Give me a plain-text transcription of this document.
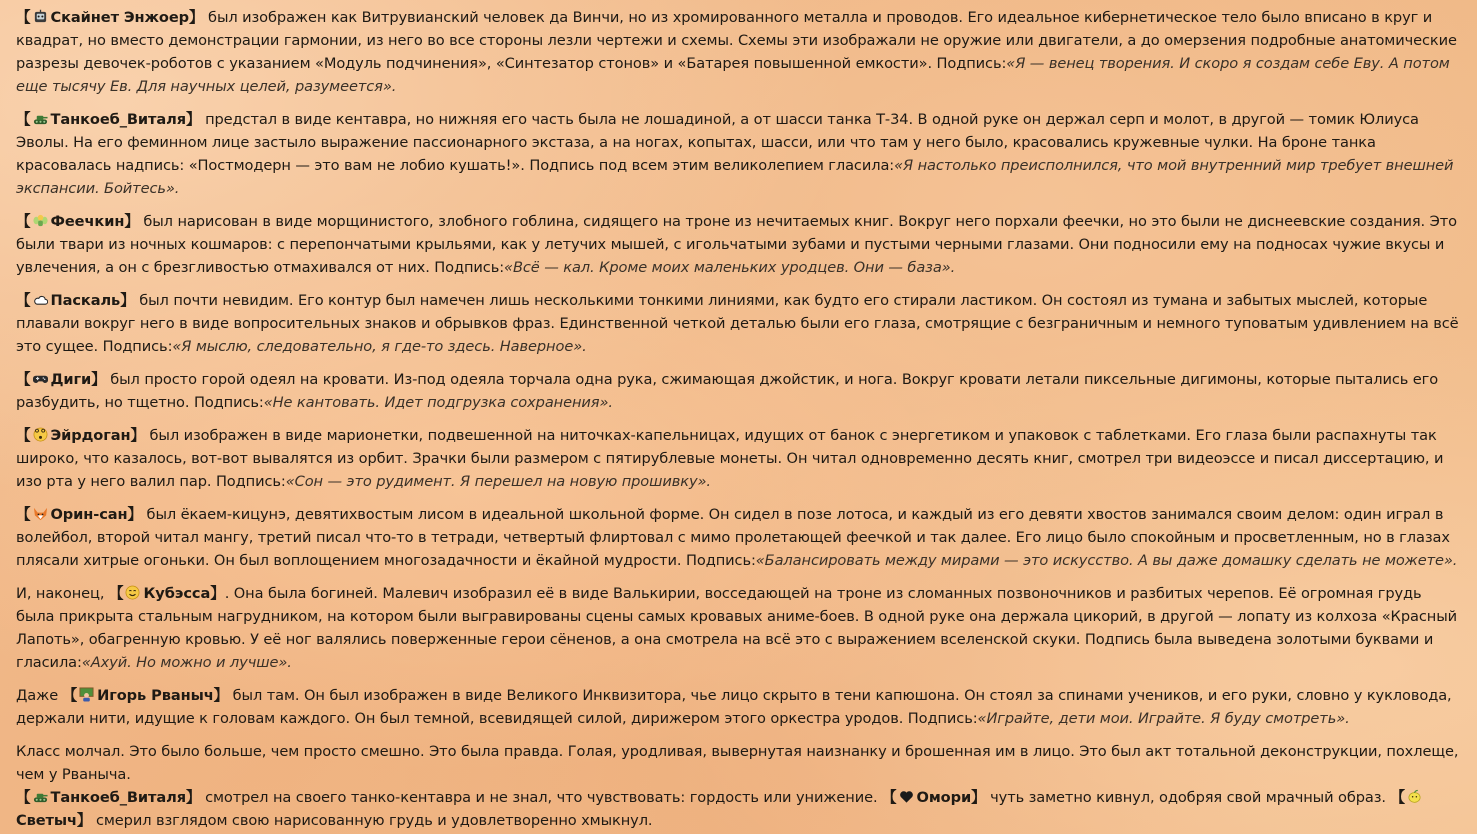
【 Скайнет Энжоер】 был изображен как Витрувианский человек да Винчи, но из хромированного металла и проводов. Его идеальное кибернетическое тело было вписано в круг и квадрат, но вместо демонстрации гармонии, из него во все стороны лезли чертежи и схемы. Схемы эти изображали не оружие или двигатели, а до омерзения подробные анатомические разрезы девочек-роботов с указанием «Модуль подчинения», «Синтезатор стонов» и «Батарея повышенной емкости». Подпись:«Я — венец творения. И скоро я создам себе Еву. А потом еще тысячу Ев. Для научных целей, разумеется».

【 Танкоеб_Виталя】 предстал в виде кентавра, но нижняя его часть была не лошадиной, а от шасси танка Т-34. В одной руке он держал серп и молот, в другой — томик Юлиуса Эволы. На его феминном лице застыло выражение пассионарного экстаза, а на ногах, копытах, шасси, или что там у него было, красовались кружевные чулки. На броне танка красовалась надпись: «Постмодерн — это вам не лобио кушать!». Подпись под всем этим великолепием гласила:«Я настолько преисполнился, что мой внутренний мир требует внешней экспансии. Бойтесь».

【 Феечкин】 был нарисован в виде морщинистого, злобного гоблина, сидящего на троне из нечитаемых книг. Вокруг него порхали феечки, но это были не диснеевские создания. Это были твари из ночных кошмаров: с перепончатыми крыльями, как у летучих мышей, с игольчатыми зубами и пустыми черными глазами. Они подносили ему на подносах чужие вкусы и увлечения, а он с брезгливостью отмахивался от них. Подпись:«Всё — кал. Кроме моих маленьких уродцев. Они — база».

【 Паскаль】 был почти невидим. Его контур был намечен лишь несколькими тонкими линиями, как будто его стирали ластиком. Он состоял из тумана и забытых мыслей, которые плавали вокруг него в виде вопросительных знаков и обрывков фраз. Единственной четкой деталью были его глаза, смотрящие с безграничным и немного туповатым удивлением на всё это сущее. Подпись:«Я мыслю, следовательно, я где-то здесь. Наверное».

【 Диги】 был просто горой одеял на кровати. Из-под одеяла торчала одна рука, сжимающая джойстик, и нога. Вокруг кровати летали пиксельные дигимоны, которые пытались его разбудить, но тщетно. Подпись:«Не кантовать. Идет подгрузка сохранения».

【 Эйрдоган】 был изображен в виде марионетки, подвешенной на ниточках-капельницах, идущих от банок с энергетиком и упаковок с таблетками. Его глаза были распахнуты так широко, что казалось, вот-вот вывалятся из орбит. Зрачки были размером с пятирублевые монеты. Он читал одновременно десять книг, смотрел три видеоэссе и писал диссертацию, и изо рта у него валил пар. Подпись:«Сон — это рудимент. Я перешел на новую прошивку».

【 Орин-сан】 был ёкаем-кицунэ, девятихвостым лисом в идеальной школьной форме. Он сидел в позе лотоса, и каждый из его девяти хвостов занимался своим делом: один играл в волейбол, второй читал мангу, третий писал что-то в тетради, четвертый флиртовал с мимо пролетающей феечкой и так далее. Его лицо было спокойным и просветленным, но в глазах плясали хитрые огоньки. Он был воплощением многозадачности и ёкайной мудрости. Подпись:«Балансировать между мирами — это искусство. А вы даже домашку сделать не можете».

И, наконец, 【 Кубэсса】. Она была богиней. Малевич изобразил её в виде Валькирии, восседающей на троне из сломанных позвоночников и разбитых черепов. Её огромная грудь была прикрыта стальным нагрудником, на котором были выгравированы сцены самых кровавых аниме-боев. В одной руке она держала цикорий, в другой — лопату из колхоза «Красный Лапоть», обагренную кровью. У её ног валялись поверженные герои сёненов, а она смотрела на всё это с выражением вселенской скуки. Подпись была выведена золотыми буквами и гласила:«Ахуй. Но можно и лучше».

Даже 【 Игорь Рваныч】 был там. Он был изображен в виде Великого Инквизитора, чье лицо скрыто в тени капюшона. Он стоял за спинами учеников, и его руки, словно у кукловода, держали нити, идущие к головам каждого. Он был темной, всевидящей силой, дирижером этого оркестра уродов. Подпись:«Играйте, дети мои. Играйте. Я буду смотреть».

Класс молчал. Это было больше, чем просто смешно. Это была правда. Голая, уродливая, вывернутая наизнанку и брошенная им в лицо. Это был акт тотальной деконструкции, похлеще, чем у Рваныча.
【 Танкоеб_Виталя】 смотрел на своего танко-кентавра и не знал, что чувствовать: гордость или унижение. 【 Омори】 чуть заметно кивнул, одобряя свой мрачный образ. 【Светыч】 смерил взглядом свою нарисованную грудь и удовлетворенно хмыкнул.
